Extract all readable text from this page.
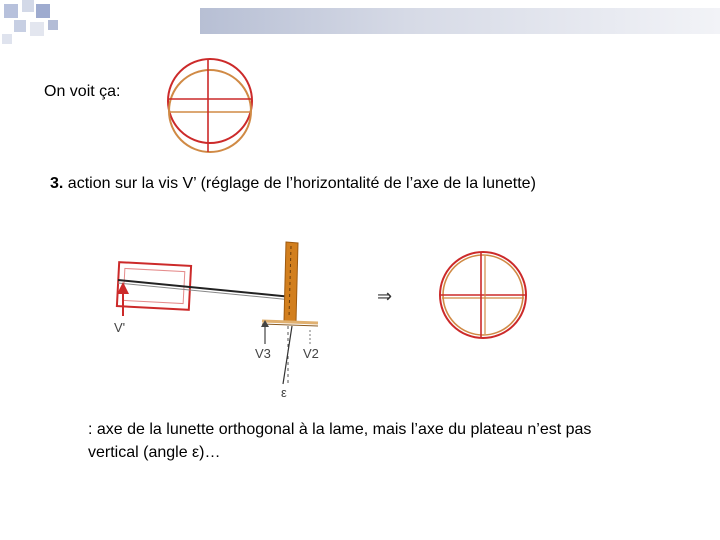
On voit ça:
3. action sur la vis V’ (réglage de l’horizontalité de l’axe de la lunette)
V'
V3 V2
ε
⇒
: axe de la lunette orthogonal à la lame, mais l’axe du plateau n’est pas
vertical (angle ε)…
